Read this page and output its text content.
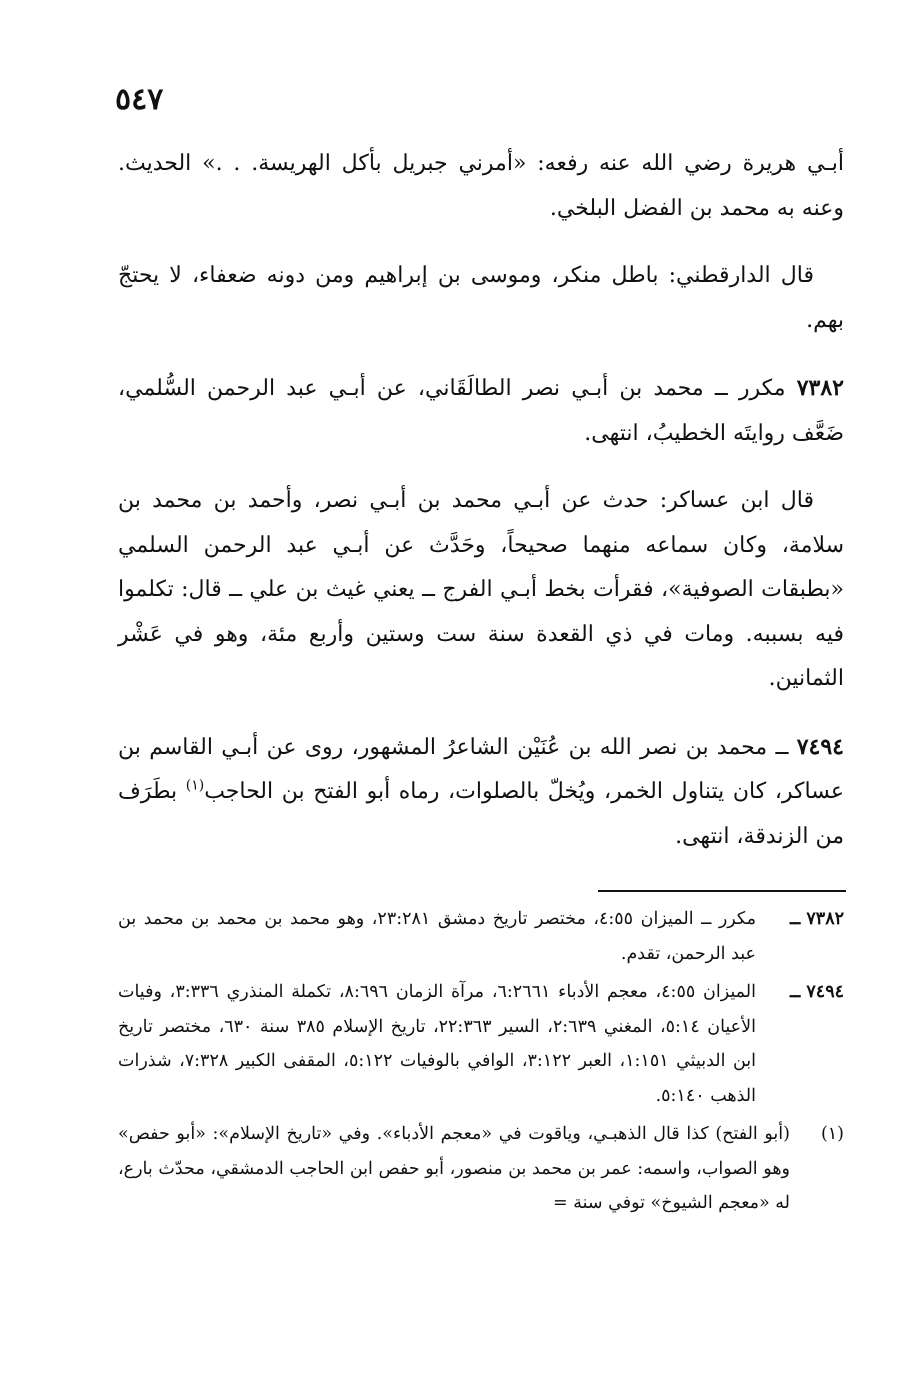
٥٤٧

أبـي هريرة رضي الله عنه رفعه: «أمرني جبريل بأكل الهريسة. . .» الحديث. وعنه به محمد بن الفضل البلخي.

قال الدارقطني: باطل منكر، وموسى بن إبراهيم ومن دونه ضعفاء، لا يحتجّ بهم.

٧٣٨٢ مكرر ــ محمد بن أبـي نصر الطالَقَاني، عن أبـي عبد الرحمن السُّلمي، ضَعَّف روايتَه الخطيبُ، انتهى.

قال ابن عساكر: حدث عن أبـي محمد بن أبـي نصر، وأحمد بن محمد بن سلامة، وكان سماعه منهما صحيحاً، وحَدَّث عن أبـي عبد الرحمن السلمي «بطبقات الصوفية»، فقرأت بخط أبـي الفرج ــ يعني غيث بن علي ــ قال: تكلموا فيه بسببه. ومات في ذي القعدة سنة ست وستين وأربع مئة، وهو في عَشْر الثمانين.

٧٤٩٤ ــ محمد بن نصر الله بن عُنَيْن الشاعرُ المشهور، روى عن أبـي القاسم بن عساكر، كان يتناول الخمر، ويُخلّ بالصلوات، رماه أبو الفتح بن الحاجب$^{(١)}$ بطَرَف من الزندقة، انتهى.

٧٣٨٢ ــ
مكرر ــ الميزان ٤:٥٥، مختصر تاريخ دمشق ٢٣:٢٨١، وهو محمد بن محمد بن محمد بن عبد الرحمن، تقدم.
٧٤٩٤ ــ
الميزان ٤:٥٥، معجم الأدباء ٦:٢٦٦١، مرآة الزمان ٨:٦٩٦، تكملة المنذري ٣:٣٣٦، وفيات الأعيان ٥:١٤، المغني ٢:٦٣٩، السير ٢٢:٣٦٣، تاريخ الإسلام ٣٨٥ سنة ٦٣٠، مختصر تاريخ ابن الدبيثي ١:١٥١، العبر ٣:١٢٢، الوافي بالوفيات ٥:١٢٢، المقفى الكبير ٧:٣٢٨، شذرات الذهب ٥:١٤٠.
(١)
(أبو الفتح) كذا قال الذهبـي، وياقوت في «معجم الأدباء». وفي «تاريخ الإسلام»: «أبو حفص» وهو الصواب، واسمه: عمر بن محمد بن منصور، أبو حفص ابن الحاجب الدمشقي، محدّث بارع، له «معجم الشيوخ» توفي سنة =
